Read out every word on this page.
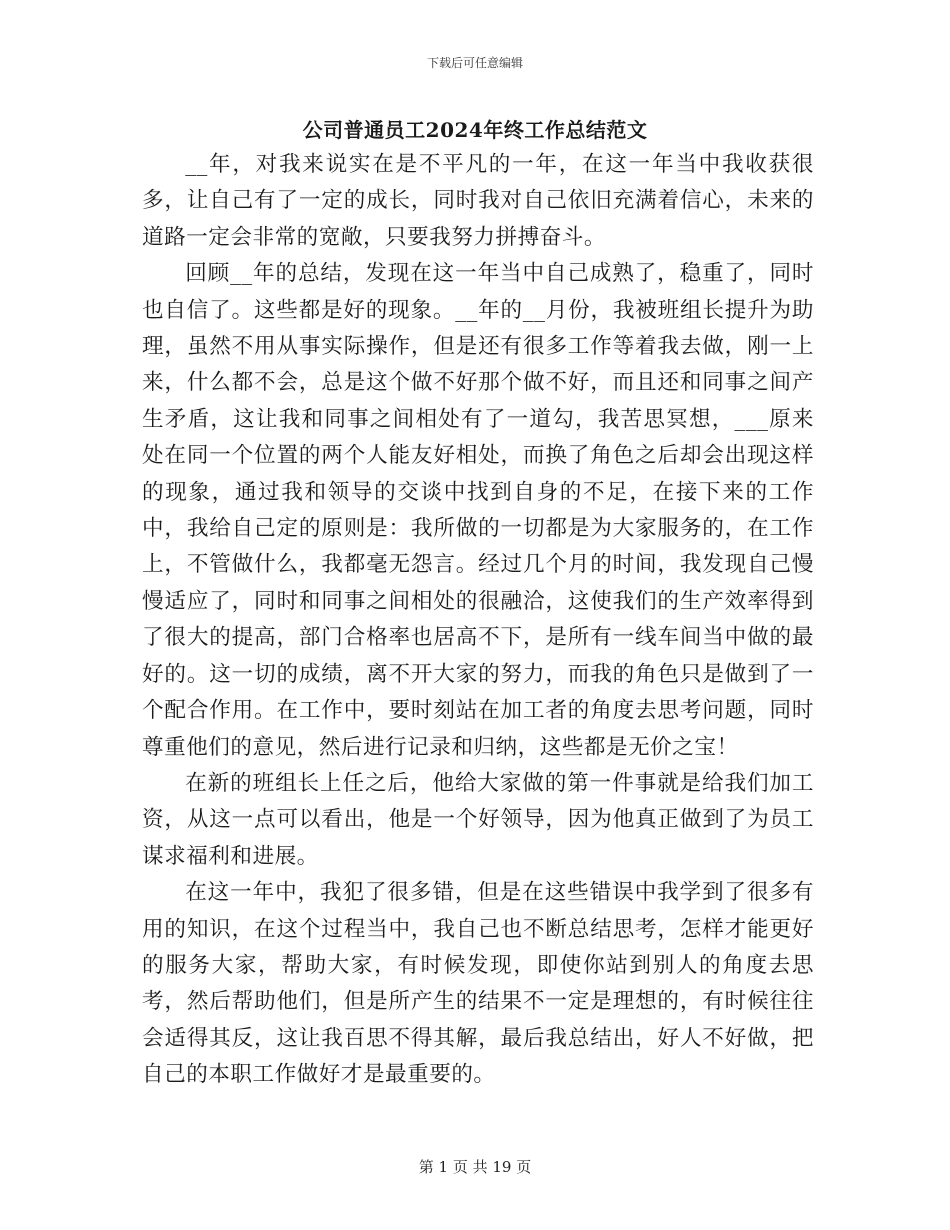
下载后可任意编辑
公司普通员工2024年终工作总结范文

__年，对我来说实在是不平凡的一年，在这一年当中我收获很多，让自己有了一定的成长，同时我对自己依旧充满着信心，未来的道路一定会非常的宽敞，只要我努力拼搏奋斗。

回顾__年的总结，发现在这一年当中自己成熟了，稳重了，同时也自信了。这些都是好的现象。__年的__月份，我被班组长提升为助理，虽然不用从事实际操作，但是还有很多工作等着我去做，刚一上来，什么都不会，总是这个做不好那个做不好，而且还和同事之间产生矛盾，这让我和同事之间相处有了一道勾，我苦思冥想，___原来处在同一个位置的两个人能友好相处，而换了角色之后却会出现这样的现象，通过我和领导的交谈中找到自身的不足，在接下来的工作中，我给自己定的原则是：我所做的一切都是为大家服务的，在工作上，不管做什么，我都毫无怨言。经过几个月的时间，我发现自己慢慢适应了，同时和同事之间相处的很融洽，这使我们的生产效率得到了很大的提高，部门合格率也居高不下，是所有一线车间当中做的最好的。这一切的成绩，离不开大家的努力，而我的角色只是做到了一个配合作用。在工作中，要时刻站在加工者的角度去思考问题，同时尊重他们的意见，然后进行记录和归纳，这些都是无价之宝！

在新的班组长上任之后，他给大家做的第一件事就是给我们加工资，从这一点可以看出，他是一个好领导，因为他真正做到了为员工谋求福利和进展。

在这一年中，我犯了很多错，但是在这些错误中我学到了很多有用的知识，在这个过程当中，我自己也不断总结思考，怎样才能更好的服务大家，帮助大家，有时候发现，即使你站到别人的角度去思考，然后帮助他们，但是所产生的结果不一定是理想的，有时候往往会适得其反，这让我百思不得其解，最后我总结出，好人不好做，把自己的本职工作做好才是最重要的。

第 1 页 共 19 页
